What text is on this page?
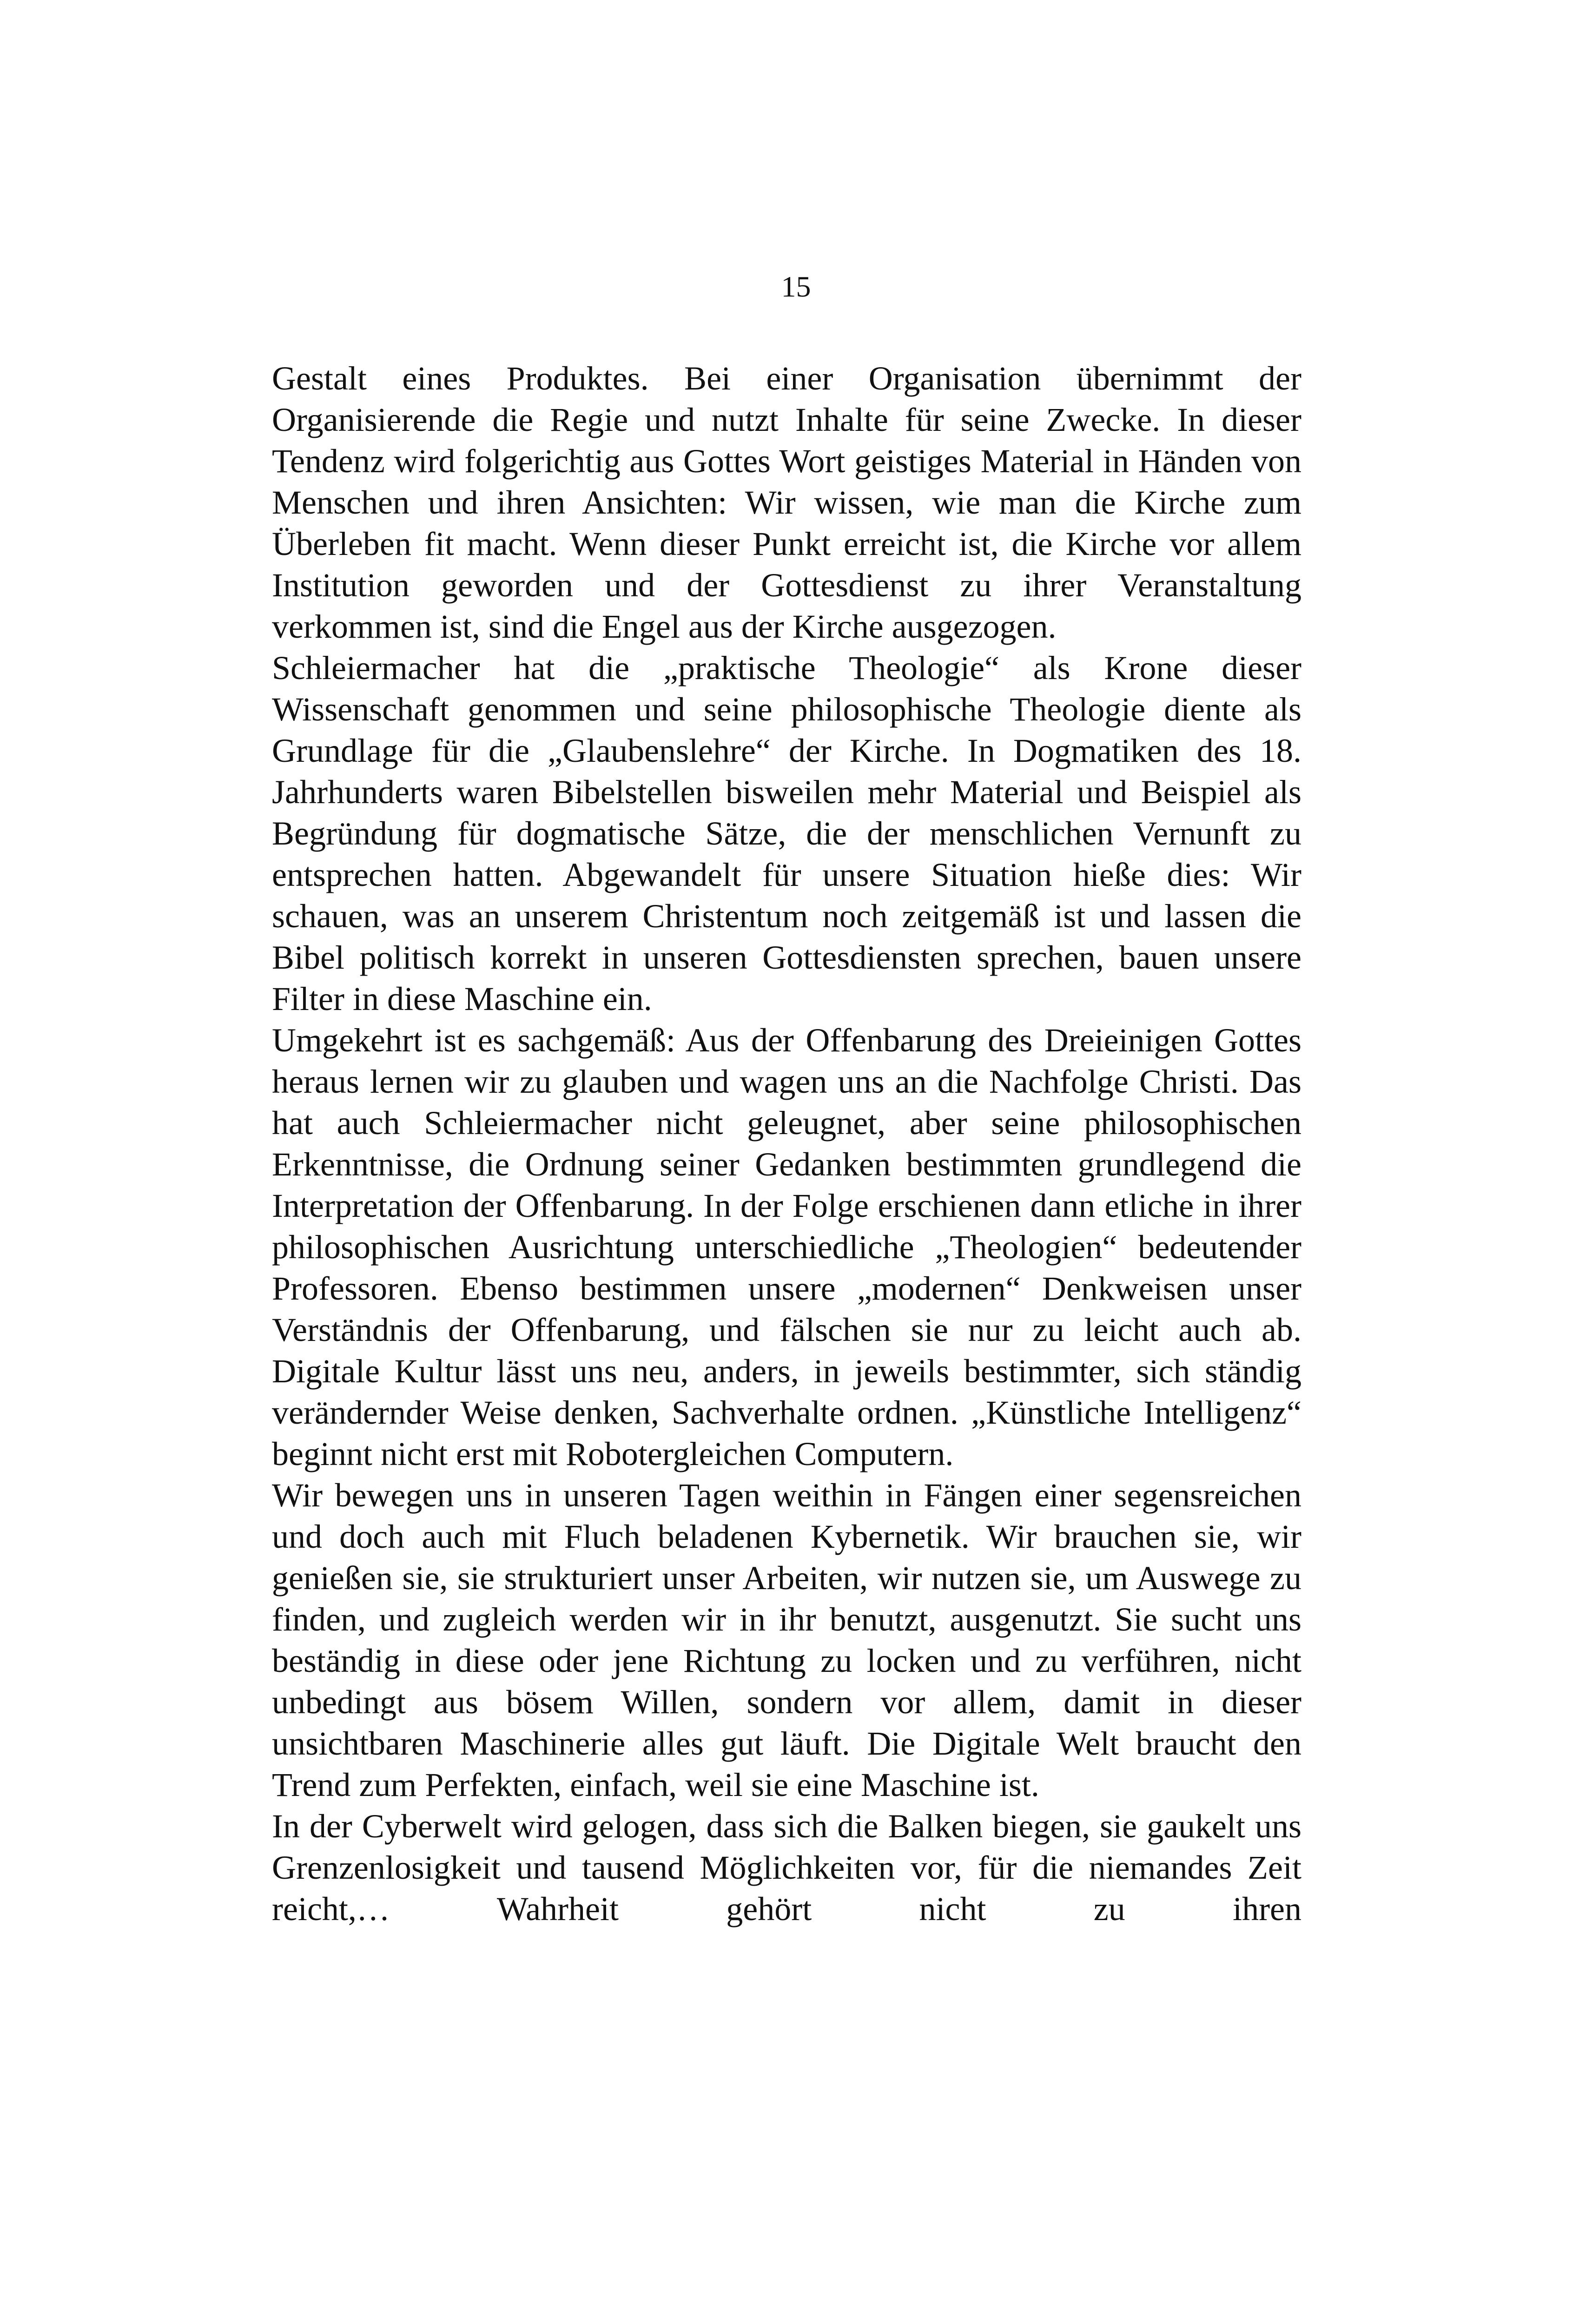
15

Gestalt eines Produktes. Bei einer Organisation übernimmt der Organisierende die Regie und nutzt Inhalte für seine Zwecke. In dieser Tendenz wird folgerichtig aus Gottes Wort geistiges Material in Händen von Menschen und ihren Ansichten: Wir wissen, wie man die Kirche zum Überleben fit macht. Wenn dieser Punkt erreicht ist, die Kirche vor allem Institution geworden und der Gottesdienst zu ihrer Veranstaltung verkommen ist, sind die Engel aus der Kirche ausgezogen.

Schleiermacher hat die „praktische Theologie“ als Krone dieser Wissenschaft genommen und seine philosophische Theologie diente als Grundlage für die „Glaubenslehre“ der Kirche. In Dogmatiken des 18. Jahrhunderts waren Bibelstellen bisweilen mehr Material und Beispiel als Begründung für dogmatische Sätze, die der menschlichen Vernunft zu entsprechen hatten. Abgewandelt für unsere Situation hieße dies: Wir schauen, was an unserem Christentum noch zeitgemäß ist und lassen die Bibel politisch korrekt in unseren Gottesdiensten sprechen, bauen unsere Filter in diese Maschine ein.

Umgekehrt ist es sachgemäß: Aus der Offenbarung des Dreieinigen Gottes heraus lernen wir zu glauben und wagen uns an die Nachfolge Christi. Das hat auch Schleiermacher nicht geleugnet, aber seine philosophischen Erkenntnisse, die Ordnung seiner Gedanken bestimmten grundlegend die Interpretation der Offenbarung. In der Folge erschienen dann etliche in ihrer philosophischen Ausrichtung unterschiedliche „Theologien“ bedeutender Professoren. Ebenso bestimmen unsere „modernen“ Denkweisen unser Verständnis der Offenbarung, und fälschen sie nur zu leicht auch ab. Digitale Kultur lässt uns neu, anders, in jeweils bestimmter, sich ständig verändernder Weise denken, Sachverhalte ordnen. „Künstliche Intelligenz“ beginnt nicht erst mit Robotergleichen Computern.

Wir bewegen uns in unseren Tagen weithin in Fängen einer segensreichen und doch auch mit Fluch beladenen Kybernetik. Wir brauchen sie, wir genießen sie, sie strukturiert unser Arbeiten, wir nutzen sie, um Auswege zu finden, und zugleich werden wir in ihr benutzt, ausgenutzt. Sie sucht uns beständig in diese oder jene Richtung zu locken und zu verführen, nicht unbedingt aus bösem Willen, sondern vor allem, damit in dieser unsichtbaren Maschinerie alles gut läuft. Die Digitale Welt braucht den Trend zum Perfekten, einfach, weil sie eine Maschine ist.

In der Cyberwelt wird gelogen, dass sich die Balken biegen, sie gaukelt uns Grenzenlosigkeit und tausend Möglichkeiten vor, für die niemandes Zeit reicht,… Wahrheit gehört nicht zu ihren
